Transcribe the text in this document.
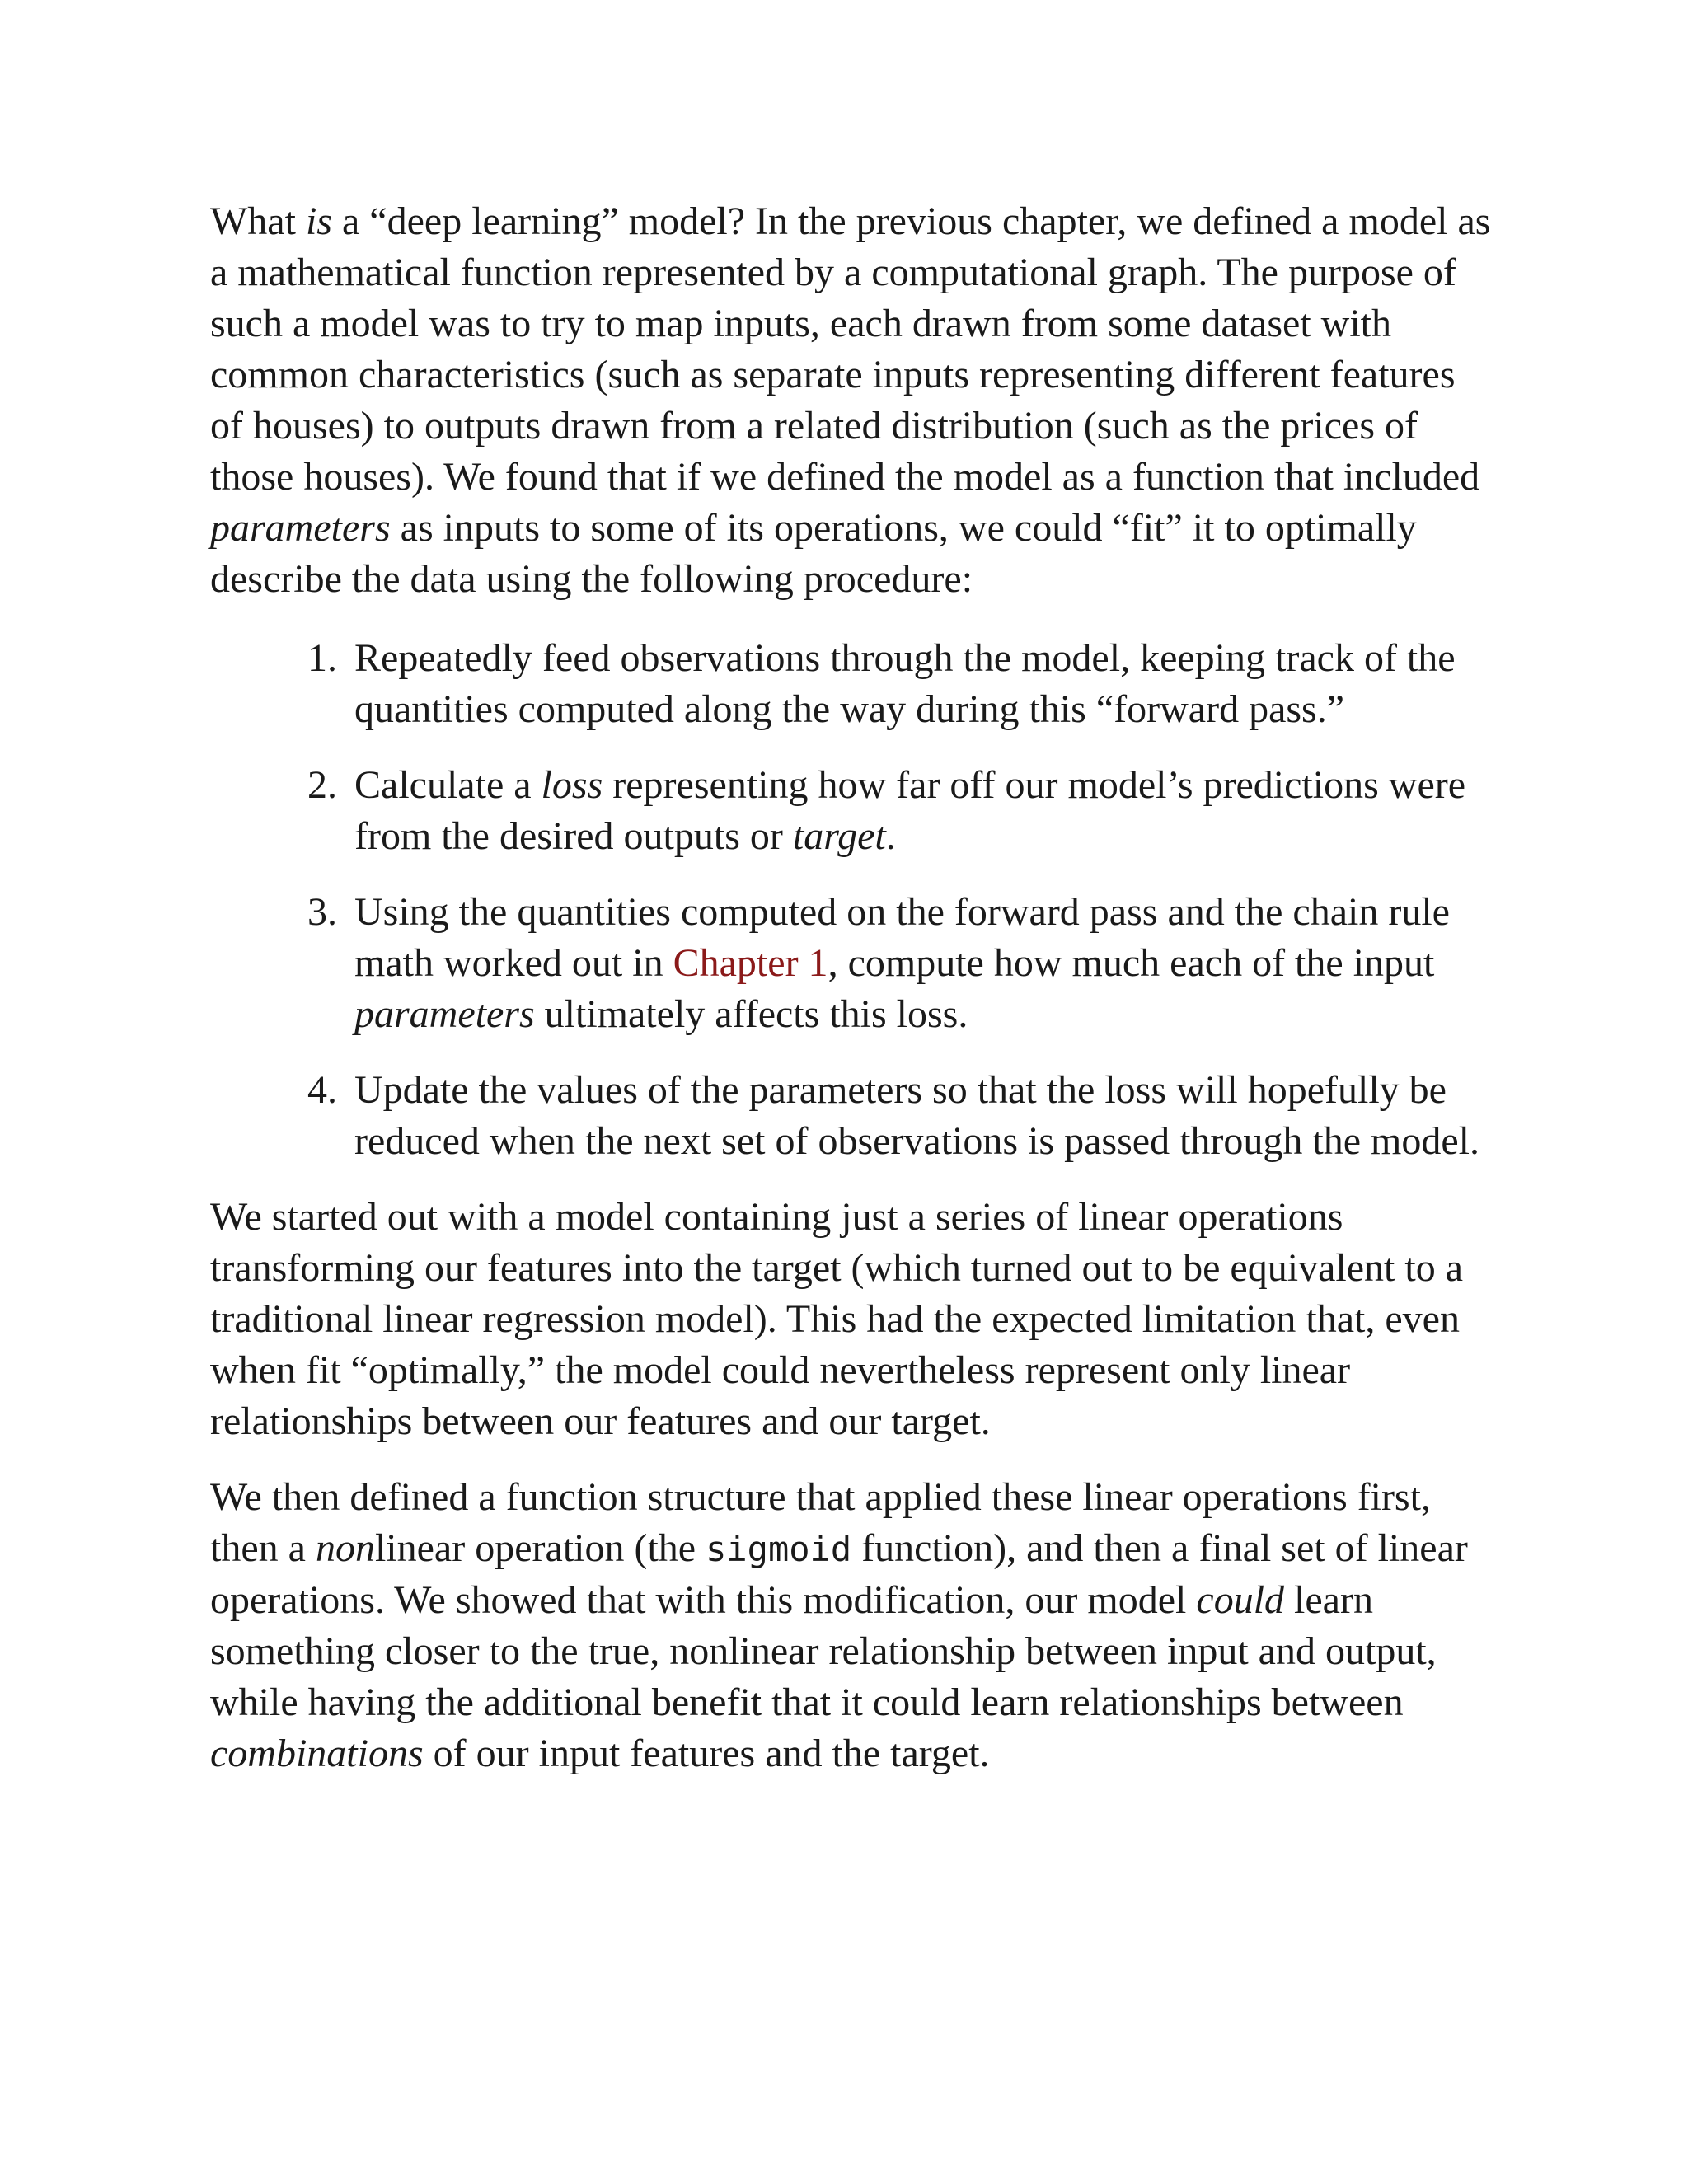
What is a “deep learning” model? In the previous chapter, we defined a model as a mathematical function represented by a computational graph. The purpose of such a model was to try to map inputs, each drawn from some dataset with common characteristics (such as separate inputs representing different features of houses) to outputs drawn from a related distribution (such as the prices of those houses). We found that if we defined the model as a function that included parameters as inputs to some of its operations, we could “fit” it to optimally describe the data using the following procedure:

1. Repeatedly feed observations through the model, keeping track of the quantities computed along the way during this “forward pass.”
2. Calculate a loss representing how far off our model’s predictions were from the desired outputs or target.
3. Using the quantities computed on the forward pass and the chain rule math worked out in Chapter 1, compute how much each of the input parameters ultimately affects this loss.
4. Update the values of the parameters so that the loss will hopefully be reduced when the next set of observations is passed through the model.

We started out with a model containing just a series of linear operations transforming our features into the target (which turned out to be equivalent to a traditional linear regression model). This had the expected limitation that, even when fit “optimally,” the model could nevertheless represent only linear relationships between our features and our target.

We then defined a function structure that applied these linear operations first, then a nonlinear operation (the sigmoid function), and then a final set of linear operations. We showed that with this modification, our model could learn something closer to the true, nonlinear relationship between input and output, while having the additional benefit that it could learn relationships between combinations of our input features and the target.
